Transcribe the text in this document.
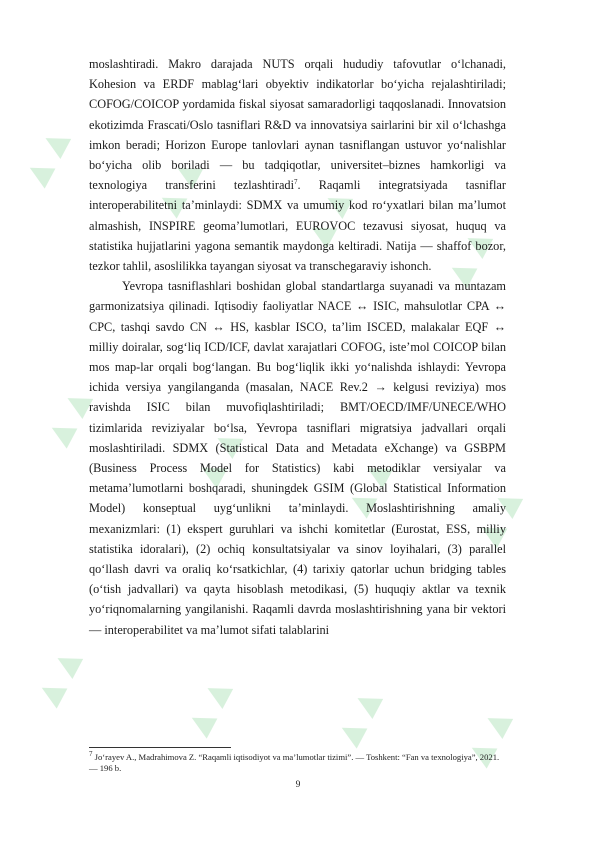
▲ ▲ ▲ ▲	▲ ▲
▲ ▲
▲ ▲
▲ ▲	▲ ▲ ▲ ▲
▲ ▲	▲ ▲	▲ ▲ ▲ ▲

moslashtiradi. Makro darajada NUTS orqali hududiy tafovutlar o‘lchanadi, Kohesion va ERDF mablag‘lari obyektiv indikatorlar bo‘yicha rejalashtiriladi; COFOG/COICOP yordamida fiskal siyosat samaradorligi taqqoslanadi. Innovatsion ekotizimda Frascati/Oslo tasniflari R&D va innovatsiya sairlarini bir xil o‘lchashga imkon beradi; Horizon Europe tanlovlari aynan tasniflangan ustuvor yo‘nalishlar bo‘yicha olib boriladi — bu tadqiqotlar, universitet–biznes hamkorligi va texnologiya transferini tezlashtiradi$^7$. Raqamli integratsiyada tasniflar interoperabilitetni ta’minlaydi: SDMX va umumiy kod ro‘yxatlari bilan ma’lumot almashish, INSPIRE geoma’lumotlari, EUROVOC tezavusi siyosat, huquq va statistika hujjatlarini yagona semantik maydonga keltiradi. Natija — shaffof bozor, tezkor tahlil, asoslilikka tayangan siyosat va transchegaraviy ishonch.

Yevropa tasniflashlari boshidan global standartlarga suyanadi va muntazam garmonizatsiya qilinadi. Iqtisodiy faoliyatlar NACE ↔ ISIC, mahsulotlar CPA ↔ CPC, tashqi savdo CN ↔ HS, kasblar ISCO, ta’lim ISCED, malakalar EQF ↔ milliy doiralar, sog‘liq ICD/ICF, davlat xarajatlari COFOG, iste’mol COICOP bilan mos map-lar orqali bog‘langan. Bu bog‘liqlik ikki yo‘nalishda ishlaydi: Yevropa ichida versiya yangilanganda (masalan, NACE Rev.2 → kelgusi reviziya) mos ravishda ISIC bilan muvofiqlashtiriladi; BMT/OECD/IMF/UNECE/WHO tizimlarida reviziyalar bo‘lsa, Yevropa tasniflari migratsiya jadvallari orqali moslashtiriladi. SDMX (Statistical Data and Metadata eXchange) va GSBPM (Business Process Model for Statistics) kabi metodiklar versiyalar va metama’lumotlarni boshqaradi, shuningdek GSIM (Global Statistical Information Model) konseptual uyg‘unlikni ta’minlaydi. Moslashtirishning amaliy mexanizmlari: (1) ekspert guruhlari va ishchi komitetlar (Eurostat, ESS, milliy statistika idoralari), (2) ochiq konsultatsiyalar va sinov loyihalari, (3) parallel qo‘llash davri va oraliq ko‘rsatkichlar, (4) tarixiy qatorlar uchun bridging tables (o‘tish jadvallari) va qayta hisoblash metodikasi, (5) huquqiy aktlar va texnik yo‘riqnomalarning yangilanishi. Raqamli davrda moslashtirishning yana bir vektori — interoperabilitet va ma’lumot sifati talablarini

$^7$ Jo‘rayev A., Madrahimova Z. “Raqamli iqtisodiyot va ma’lumotlar tizimi”. — Toshkent: “Fan va texnologiya”, 2021. — 196 b.
9
